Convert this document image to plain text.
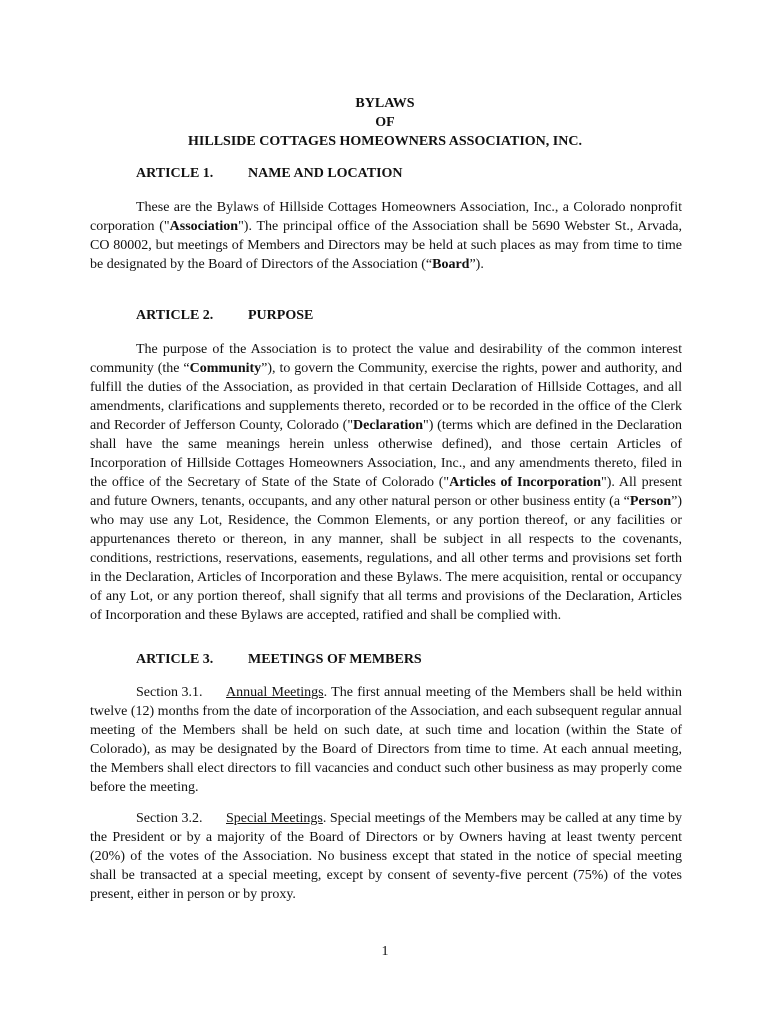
BYLAWS
OF
HILLSIDE COTTAGES HOMEOWNERS ASSOCIATION, INC.
ARTICLE 1. NAME AND LOCATION

These are the Bylaws of Hillside Cottages Homeowners Association, Inc., a Colorado nonprofit corporation ("Association"). The principal office of the Association shall be 5690 Webster St., Arvada, CO 80002, but meetings of Members and Directors may be held at such places as may from time to time be designated by the Board of Directors of the Association (“Board”).

ARTICLE 2. PURPOSE

The purpose of the Association is to protect the value and desirability of the common interest community (the “Community”), to govern the Community, exercise the rights, power and authority, and fulfill the duties of the Association, as provided in that certain Declaration of Hillside Cottages, and all amendments, clarifications and supplements thereto, recorded or to be recorded in the office of the Clerk and Recorder of Jefferson County, Colorado ("Declaration") (terms which are defined in the Declaration shall have the same meanings herein unless otherwise defined), and those certain Articles of Incorporation of Hillside Cottages Homeowners Association, Inc., and any amendments thereto, filed in the office of the Secretary of State of the State of Colorado ("Articles of Incorporation"). All present and future Owners, tenants, occupants, and any other natural person or other business entity (a “Person”) who may use any Lot, Residence, the Common Elements, or any portion thereof, or any facilities or appurtenances thereto or thereon, in any manner, shall be subject in all respects to the covenants, conditions, restrictions, reservations, easements, regulations, and all other terms and provisions set forth in the Declaration, Articles of Incorporation and these Bylaws. The mere acquisition, rental or occupancy of any Lot, or any portion thereof, shall signify that all terms and provisions of the Declaration, Articles of Incorporation and these Bylaws are accepted, ratified and shall be complied with.

ARTICLE 3. MEETINGS OF MEMBERS

Section 3.1. Annual Meetings. The first annual meeting of the Members shall be held within twelve (12) months from the date of incorporation of the Association, and each subsequent regular annual meeting of the Members shall be held on such date, at such time and location (within the State of Colorado), as may be designated by the Board of Directors from time to time. At each annual meeting, the Members shall elect directors to fill vacancies and conduct such other business as may properly come before the meeting.

Section 3.2. Special Meetings. Special meetings of the Members may be called at any time by the President or by a majority of the Board of Directors or by Owners having at least twenty percent (20%) of the votes of the Association. No business except that stated in the notice of special meeting shall be transacted at a special meeting, except by consent of seventy-five percent (75%) of the votes present, either in person or by proxy.

1
